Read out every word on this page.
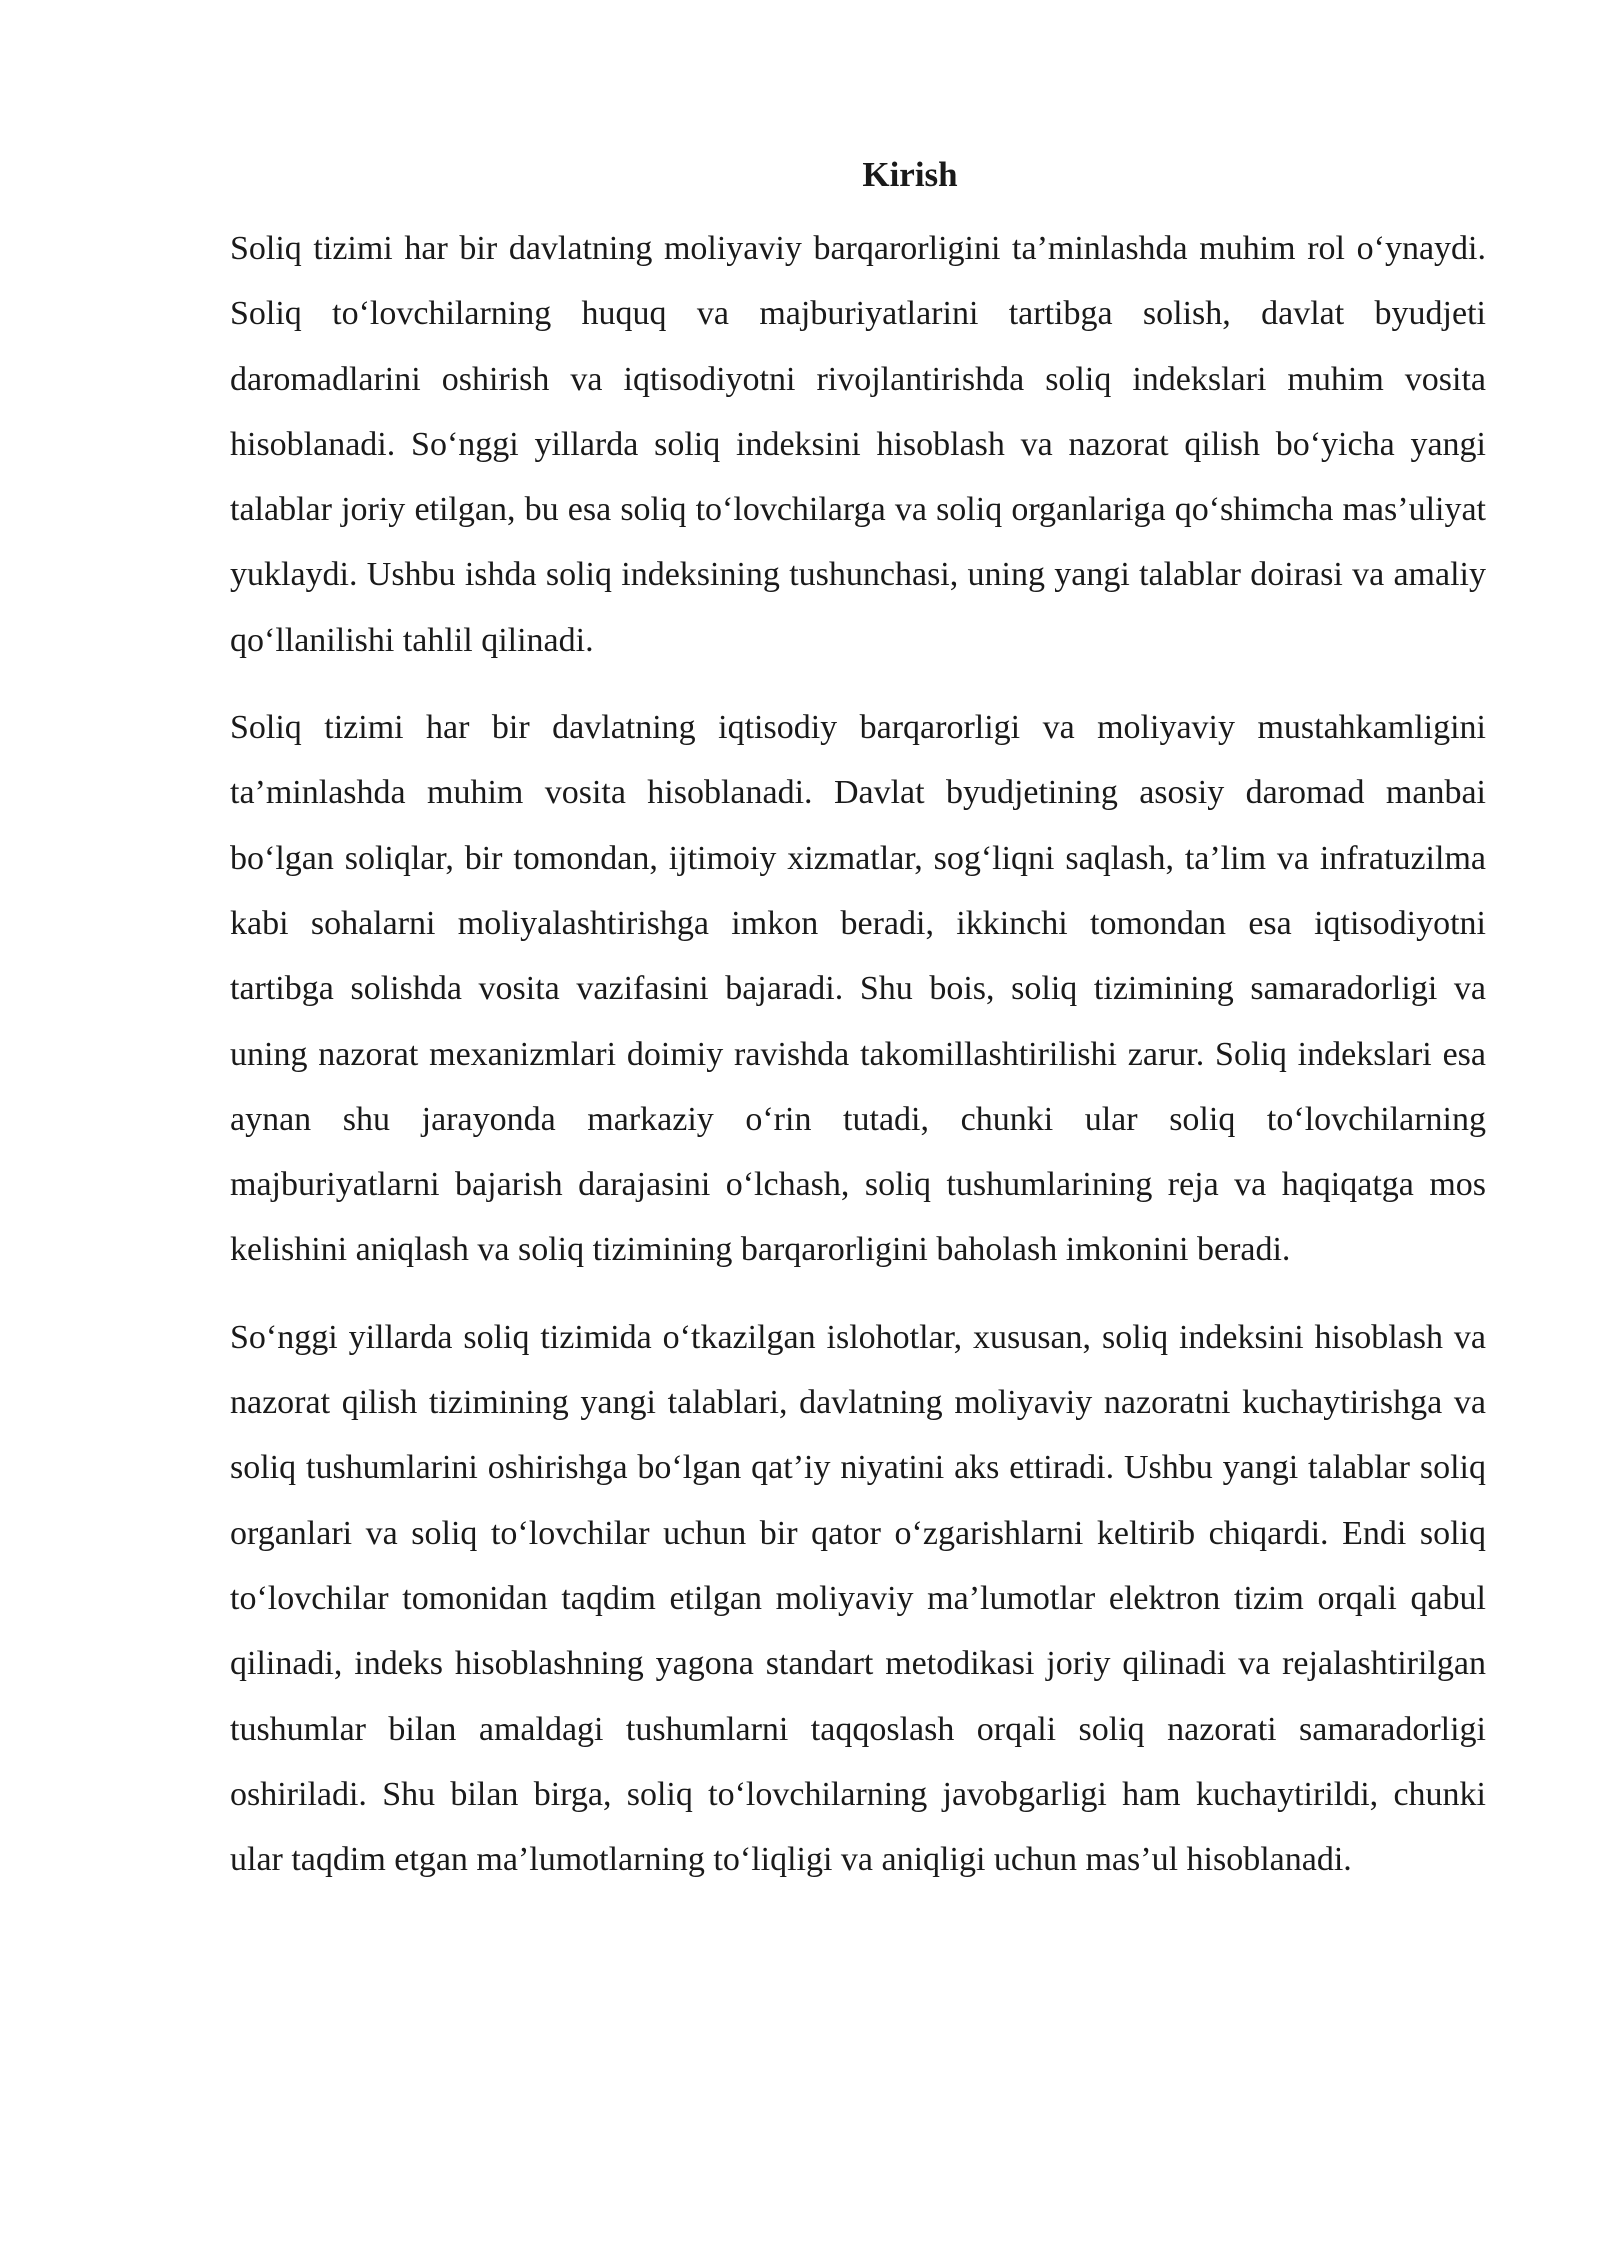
Kirish

Soliq tizimi har bir davlatning moliyaviy barqarorligini ta’minlashda muhim rol o‘ynaydi. Soliq to‘lovchilarning huquq va majburiyatlarini tartibga solish, davlat byudjeti daromadlarini oshirish va iqtisodiyotni rivojlantirishda soliq indekslari muhim vosita hisoblanadi. So‘nggi yillarda soliq indeksini hisoblash va nazorat qilish bo‘yicha yangi talablar joriy etilgan, bu esa soliq to‘lovchilarga va soliq organlariga qo‘shimcha mas’uliyat yuklaydi. Ushbu ishda soliq indeksining tushunchasi, uning yangi talablar doirasi va amaliy qo‘llanilishi tahlil qilinadi.

Soliq tizimi har bir davlatning iqtisodiy barqarorligi va moliyaviy mustahkamligini ta’minlashda muhim vosita hisoblanadi. Davlat byudjetining asosiy daromad manbai bo‘lgan soliqlar, bir tomondan, ijtimoiy xizmatlar, sog‘liqni saqlash, ta’lim va infratuzilma kabi sohalarni moliyalashtirishga imkon beradi, ikkinchi tomondan esa iqtisodiyotni tartibga solishda vosita vazifasini bajaradi. Shu bois, soliq tizimining samaradorligi va uning nazorat mexanizmlari doimiy ravishda takomillashtirilishi zarur. Soliq indekslari esa aynan shu jarayonda markaziy o‘rin tutadi, chunki ular soliq to‘lovchilarning majburiyatlarni bajarish darajasini o‘lchash, soliq tushumlarining reja va haqiqatga mos kelishini aniqlash va soliq tizimining barqarorligini baholash imkonini beradi.

So‘nggi yillarda soliq tizimida o‘tkazilgan islohotlar, xususan, soliq indeksini hisoblash va nazorat qilish tizimining yangi talablari, davlatning moliyaviy nazoratni kuchaytirishga va soliq tushumlarini oshirishga bo‘lgan qat’iy niyatini aks ettiradi. Ushbu yangi talablar soliq organlari va soliq to‘lovchilar uchun bir qator o‘zgarishlarni keltirib chiqardi. Endi soliq to‘lovchilar tomonidan taqdim etilgan moliyaviy ma’lumotlar elektron tizim orqali qabul qilinadi, indeks hisoblashning yagona standart metodikasi joriy qilinadi va rejalashtirilgan tushumlar bilan amaldagi tushumlarni taqqoslash orqali soliq nazorati samaradorligi oshiriladi. Shu bilan birga, soliq to‘lovchilarning javobgarligi ham kuchaytirildi, chunki ular taqdim etgan ma’lumotlarning to‘liqligi va aniqligi uchun mas’ul hisoblanadi.
